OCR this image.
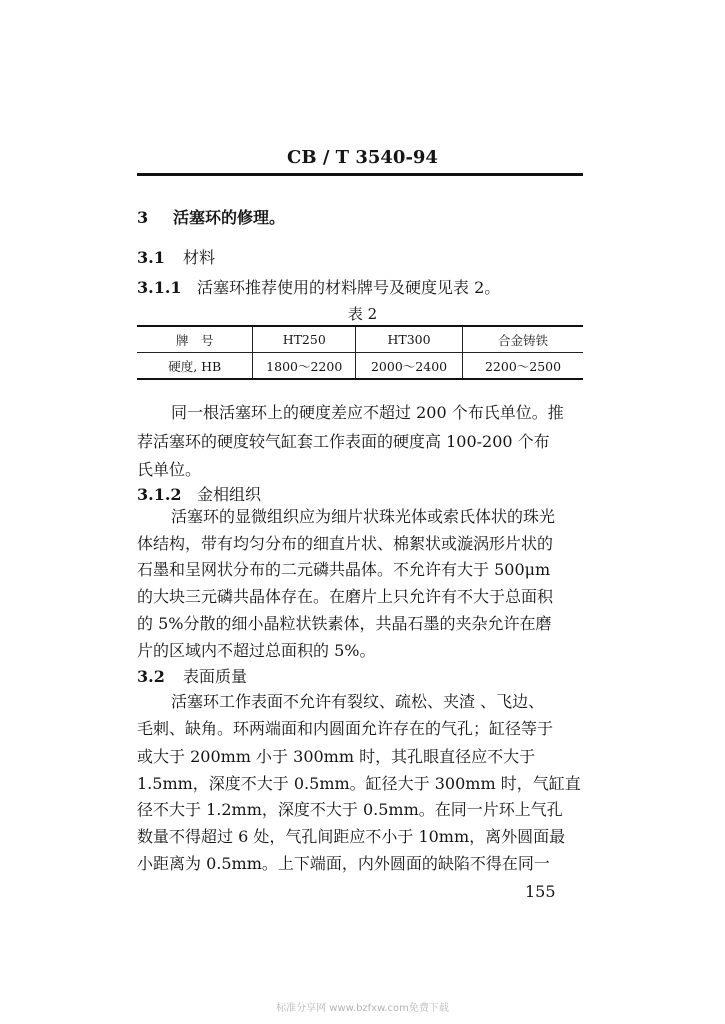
CB / T 3540-94
3 活塞环的修理。
3.1 材料
3.1.1 活塞环推荐使用的材料牌号及硬度见表 2。
表 2
牌　号	HT250	HT300	合金铸铁
硬度, HB	1800～2200	2000～2400	2200～2500
同一根活塞环上的硬度差应不超过 200 个布氏单位。推
荐活塞环的硬度较气缸套工作表面的硬度高 100-200 个布
氏单位。
3.1.2 金相组织
活塞环的显微组织应为细片状珠光体或索氏体状的珠光
体结构，带有均匀分布的细直片状、棉絮状或漩涡形片状的
石墨和呈网状分布的二元磷共晶体。不允许有大于 500μm
的大块三元磷共晶体存在。在磨片上只允许有不大于总面积
的 5%分散的细小晶粒状铁素体，共晶石墨的夹杂允许在磨
片的区域内不超过总面积的 5%。
3.2 表面质量
活塞环工作表面不允许有裂纹、疏松、夹渣 、飞边、
毛刺、缺角。环两端面和内圆面允许存在的气孔；缸径等于
或大于 200mm 小于 300mm 时，其孔眼直径应不大于
1.5mm，深度不大于 0.5mm。缸径大于 300mm 时，气缸直
径不大于 1.2mm，深度不大于 0.5mm。在同一片环上气孔
数量不得超过 6 处，气孔间距应不小于 10mm，离外圆面最
小距离为 0.5mm。上下端面，内外圆面的缺陷不得在同一
155
标准分享网 www.bzfxw.com免费下载
